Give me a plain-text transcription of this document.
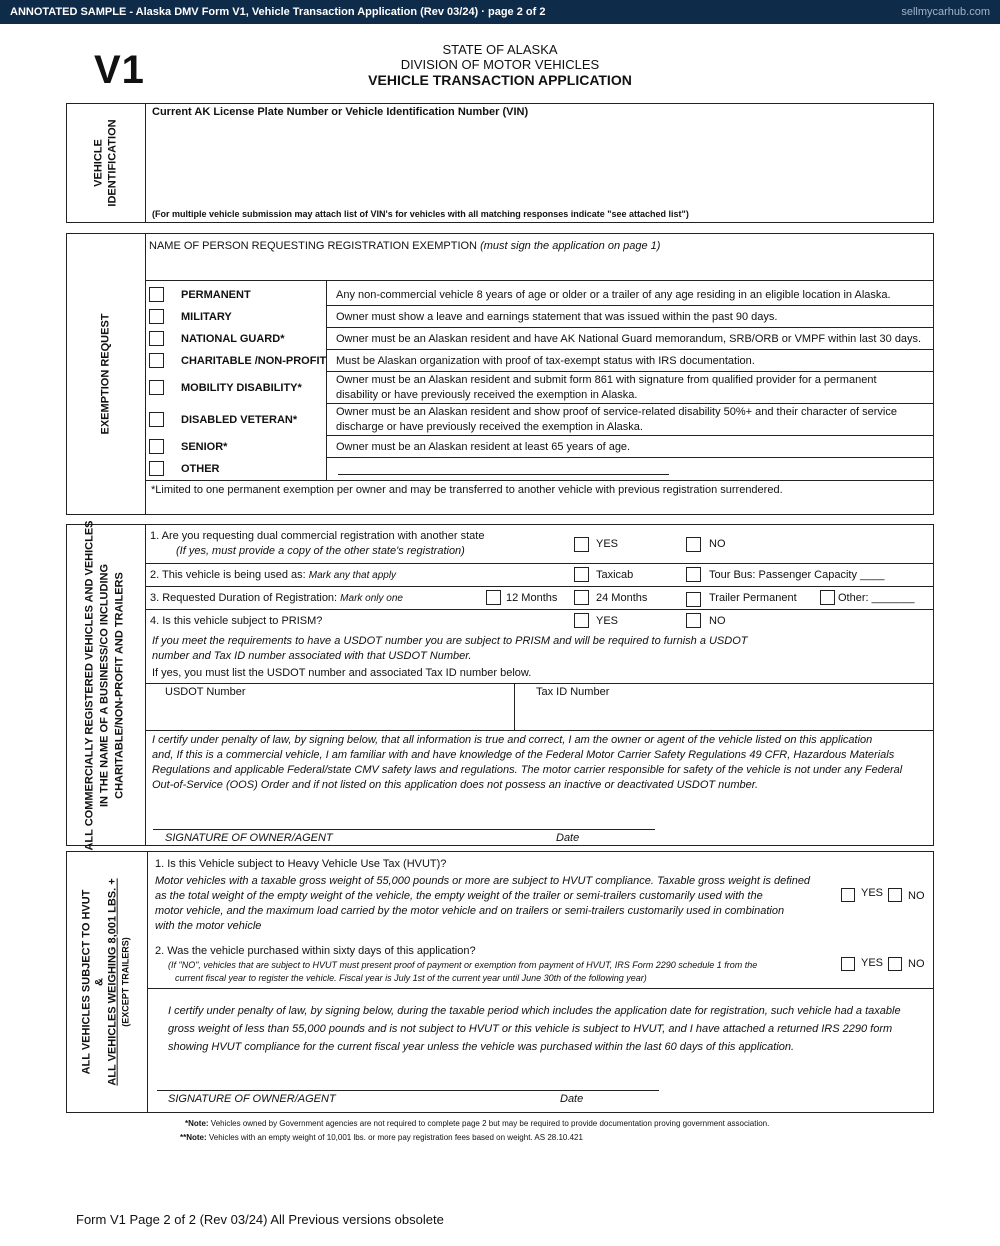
ANNOTATED SAMPLE - Alaska DMV Form V1, Vehicle Transaction Application (Rev 03/24) · page 2 of 2	sellmycarhub.com
V1	STATE OF ALASKA
DIVISION OF MOTOR VEHICLES
VEHICLE TRANSACTION APPLICATION
VEHICLE IDENTIFICATION
Current AK License Plate Number or Vehicle Identification Number (VIN)
(For multiple vehicle submission may attach list of VIN's for vehicles with all matching responses indicate "see attached list")
EXEMPTION REQUEST
NAME OF PERSON REQUESTING REGISTRATION EXEMPTION (must sign the application on page 1)
PERMANENT	Any non-commercial vehicle 8 years of age or older or a trailer of any age residing in an eligible location in Alaska.
MILITARY	Owner must show a leave and earnings statement that was issued within the past 90 days.
NATIONAL GUARD*	Owner must be an Alaskan resident and have AK National Guard memorandum, SRB/ORB or VMPF within last 30 days.
CHARITABLE /NON-PROFIT Must be Alaskan organization with proof of tax-exempt status with IRS documentation.
MOBILITY DISABILITY*
Owner must be an Alaskan resident and submit form 861 with signature from qualified provider for a permanent
disability or have previously received the exemption in Alaska.
DISABLED VETERAN*
Owner must be an Alaskan resident and show proof of service-related disability 50%+ and their character of service
discharge or have previously received the exemption in Alaska.
SENIOR*	Owner must be an Alaskan resident at least 65 years of age.
OTHER
*Limited to one permanent exemption per owner and may be transferred to another vehicle with previous registration surrendered.
ALL COMMERCIALLY REGISTERED VEHICLES AND VEHICLES IN THE NAME OF A BUSINESS/CO INCLUDING CHARITABLE/NON-PROFIT AND TRAILERS
1. Are you requesting dual commercial registration with another state
(If yes, must provide a copy of the other state's registration)
YES	NO
2. This vehicle is being used as: Mark any that apply	Taxicab	Tour Bus: Passenger Capacity ____
3. Requested Duration of Registration: Mark only one	12 Months	24 Months	Trailer Permanent	Other: _______
4. Is this vehicle subject to PRISM?	YES	NO
If you meet the requirements to have a USDOT number you are subject to PRISM and will be required to furnish a USDOT
number and Tax ID number associated with that USDOT Number.
If yes, you must list the USDOT number and associated Tax ID number below.
USDOT Number	Tax ID Number
I certify under penalty of law, by signing below, that all information is true and correct, I am the owner or agent of the vehicle listed on this application
and, If this is a commercial vehicle, I am familiar with and have knowledge of the Federal Motor Carrier Safety Regulations 49 CFR, Hazardous Materials
Regulations and applicable Federal/state CMV safety laws and regulations. The motor carrier responsible for safety of the vehicle is not under any Federal
Out-of-Service (OOS) Order and if not listed on this application does not possess an inactive or deactivated USDOT number.
SIGNATURE OF OWNER/AGENT	Date
ALL VEHICLES SUBJECT TO HVUT & ALL VEHICLES WEIGHING 8,001 LBS. + (EXCEPT TRAILERS)
1. Is this Vehicle subject to Heavy Vehicle Use Tax (HVUT)?
Motor vehicles with a taxable gross weight of 55,000 pounds or more are subject to HVUT compliance. Taxable gross weight is defined
as the total weight of the empty weight of the vehicle, the empty weight of the trailer or semi-trailers customarily used with the
motor vehicle, and the maximum load carried by the motor vehicle and on trailers or semi-trailers customarily used in combination
with the motor vehicle
YES NO
2. Was the vehicle purchased within sixty days of this application?
(If "NO", vehicles that are subject to HVUT must present proof of payment or exemption from payment of HVUT, IRS Form 2290 schedule 1 from the
current fiscal year to register the vehicle. Fiscal year is July 1st of the current year until June 30th of the following year)
YES NO
I certify under penalty of law, by signing below, during the taxable period which includes the application date for registration, such vehicle had a taxable
gross weight of less than 55,000 pounds and is not subject to HVUT or this vehicle is subject to HVUT, and I have attached a returned IRS 2290 form
showing HVUT compliance for the current fiscal year unless the vehicle was purchased within the last 60 days of this application.
SIGNATURE OF OWNER/AGENT	Date
*Note: Vehicles owned by Government agencies are not required to complete page 2 but may be required to provide documentation proving government association.
**Note: Vehicles with an empty weight of 10,001 lbs. or more pay registration fees based on weight. AS 28.10.421
Form V1 Page 2 of 2 (Rev 03/24) All Previous versions obsolete
